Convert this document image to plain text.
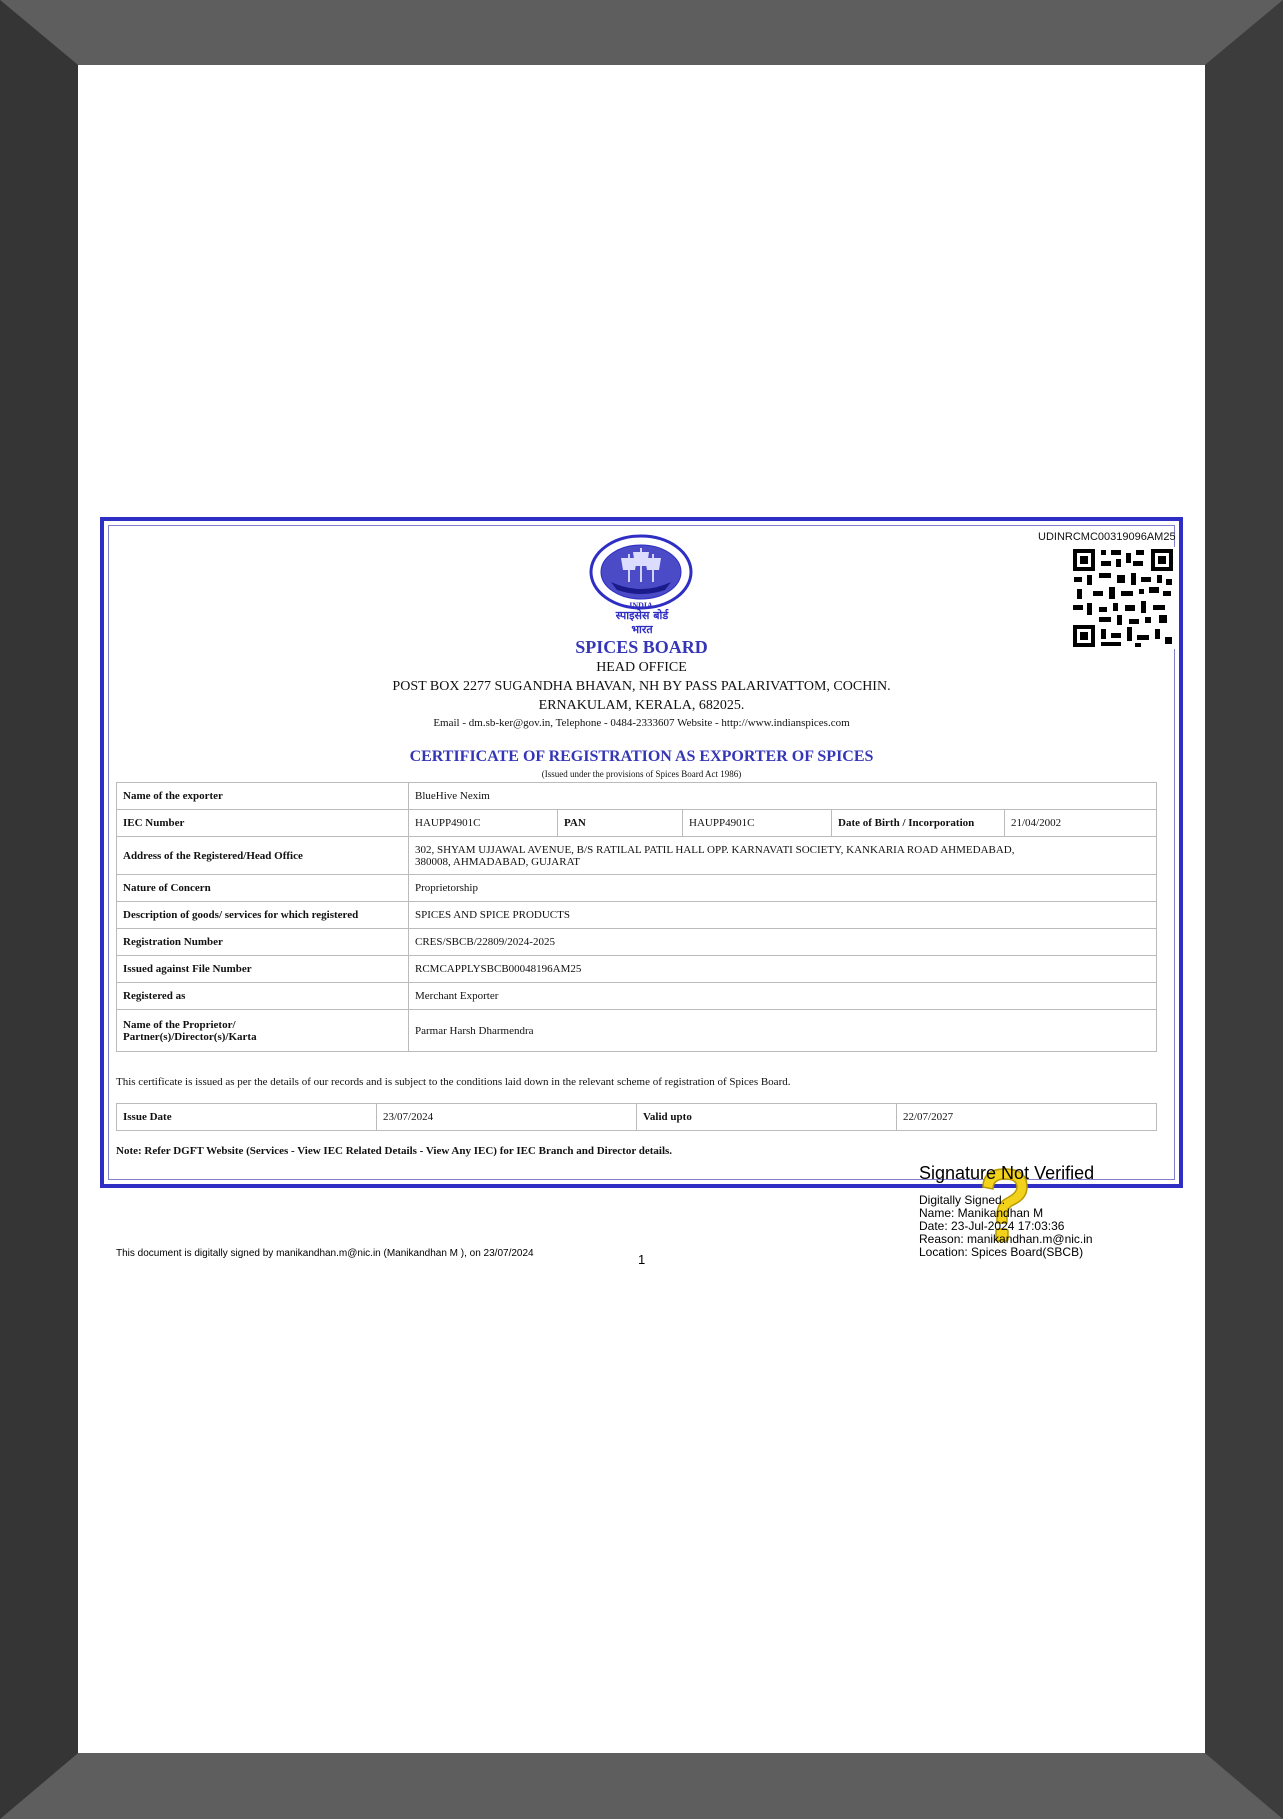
UDINRCMC00319096AM25
INDIA
स्पाइसेस बोर्ड
भारत
SPICES BOARD
HEAD OFFICE
POST BOX 2277 SUGANDHA BHAVAN, NH BY PASS PALARIVATTOM, COCHIN.
ERNAKULAM, KERALA, 682025.
Email - dm.sb-ker@gov.in, Telephone - 0484-2333607 Website - http://www.indianspices.com
CERTIFICATE OF REGISTRATION AS EXPORTER OF SPICES
(Issued under the provisions of Spices Board Act 1986)
Name of the exporter	BlueHive Nexim				
IEC Number	HAUPP4901C	PAN	HAUPP4901C	Date of Birth / Incorporation	21/04/2002
Address of the Registered/Head Office	302, SHYAM UJJAWAL AVENUE, B/S RATILAL PATIL HALL OPP. KARNAVATI SOCIETY, KANKARIA ROAD AHMEDABAD,
380008, AHMADABAD, GUJARAT				

Nature of Concern	Proprietorship				
Description of goods/ services for which registered	SPICES AND SPICE PRODUCTS				
Registration Number	CRES/SBCB/22809/2024-2025				
Issued against File Number	RCMCAPPLYSBCB00048196AM25				
Registered as	Merchant Exporter				

Name of the Proprietor/
Partner(s)/Director(s)/Karta	Parmar Harsh Dharmendra				
This certificate is issued as per the details of our records and is subject to the conditions laid down in the relevant scheme of registration of Spices Board.
Issue Date	23/07/2024	Valid upto	22/07/2027
Note: Refer DGFT Website (Services - View IEC Related Details - View Any IEC) for IEC Branch and Director details.
Signature Not Verified
Digitally Signed.
Name: Manikandhan M
Date: 23-Jul-2024 17:03:36
Reason: manikandhan.m@nic.in
Location: Spices Board(SBCB)
This document is digitally signed by manikandhan.m@nic.in (Manikandhan M ), on 23/07/2024	1
